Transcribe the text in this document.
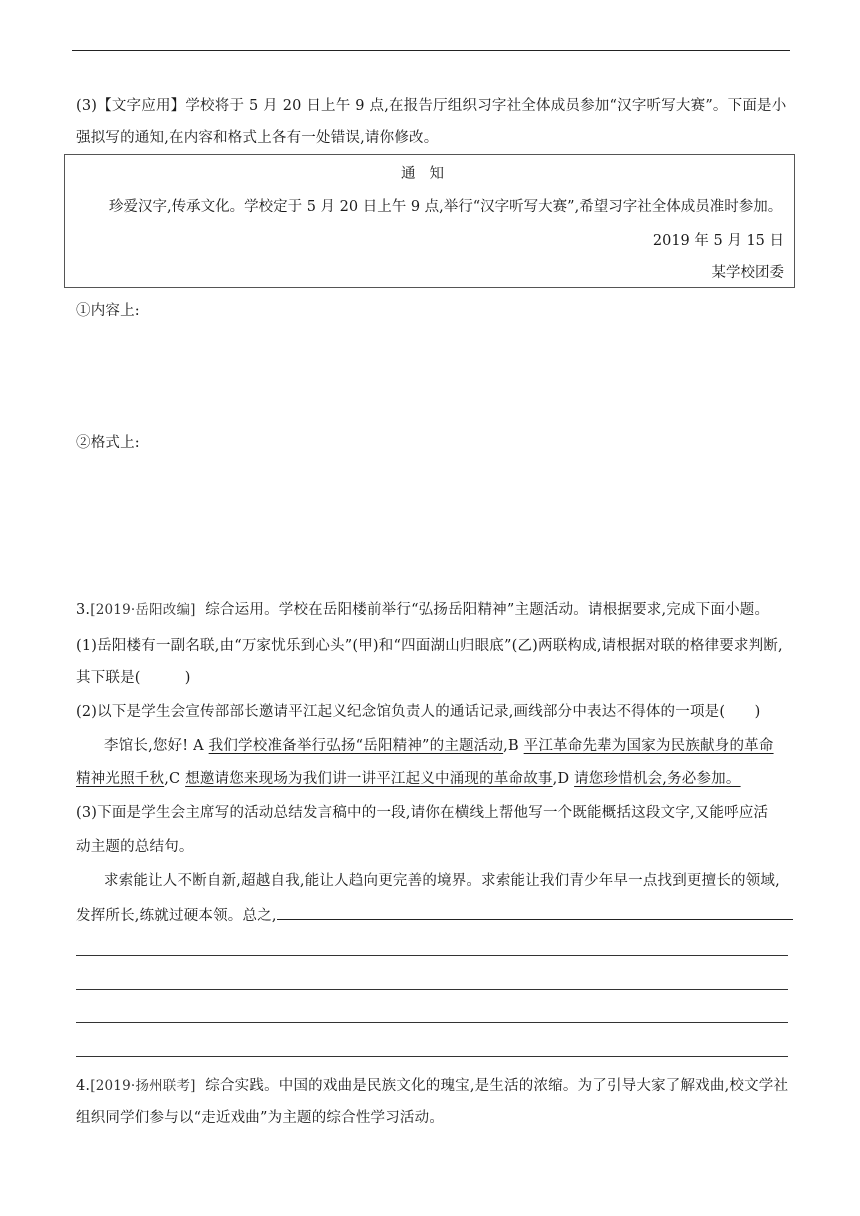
(3)【文字应用】学校将于 5 月 20 日上午 9 点,在报告厅组织习字社全体成员参加“汉字听写大赛”。下面是小
强拟写的通知,在内容和格式上各有一处错误,请你修改。
通知
珍爱汉字,传承文化。学校定于 5 月 20 日上午 9 点,举行“汉字听写大赛”,希望习字社全体成员准时参加。
2019 年 5 月 15 日
某学校团委
①内容上:
②格式上:
3.[2019·岳阳改编] 综合运用。学校在岳阳楼前举行“弘扬岳阳精神”主题活动。请根据要求,完成下面小题。
(1)岳阳楼有一副名联,由“万家忧乐到心头”(甲)和“四面湖山归眼底”(乙)两联构成,请根据对联的格律要求判断,
其下联是(　　　)
(2)以下是学生会宣传部部长邀请平江起义纪念馆负责人的通话记录,画线部分中表达不得体的一项是(　　)
李馆长,您好! A 我们学校准备举行弘扬“岳阳精神”的主题活动,B 平江革命先辈为国家为民族献身的革命
精神光照千秋,C 想邀请您来现场为我们讲一讲平江起义中涌现的革命故事,D 请您珍惜机会,务必参加。
(3)下面是学生会主席写的活动总结发言稿中的一段,请你在横线上帮他写一个既能概括这段文字,又能呼应活
动主题的总结句。
求索能让人不断自新,超越自我,能让人趋向更完善的境界。求索能让我们青少年早一点找到更擅长的领域,
发挥所长,练就过硬本领。总之,
4.[2019·扬州联考] 综合实践。中国的戏曲是民族文化的瑰宝,是生活的浓缩。为了引导大家了解戏曲,校文学社
组织同学们参与以“走近戏曲”为主题的综合性学习活动。
